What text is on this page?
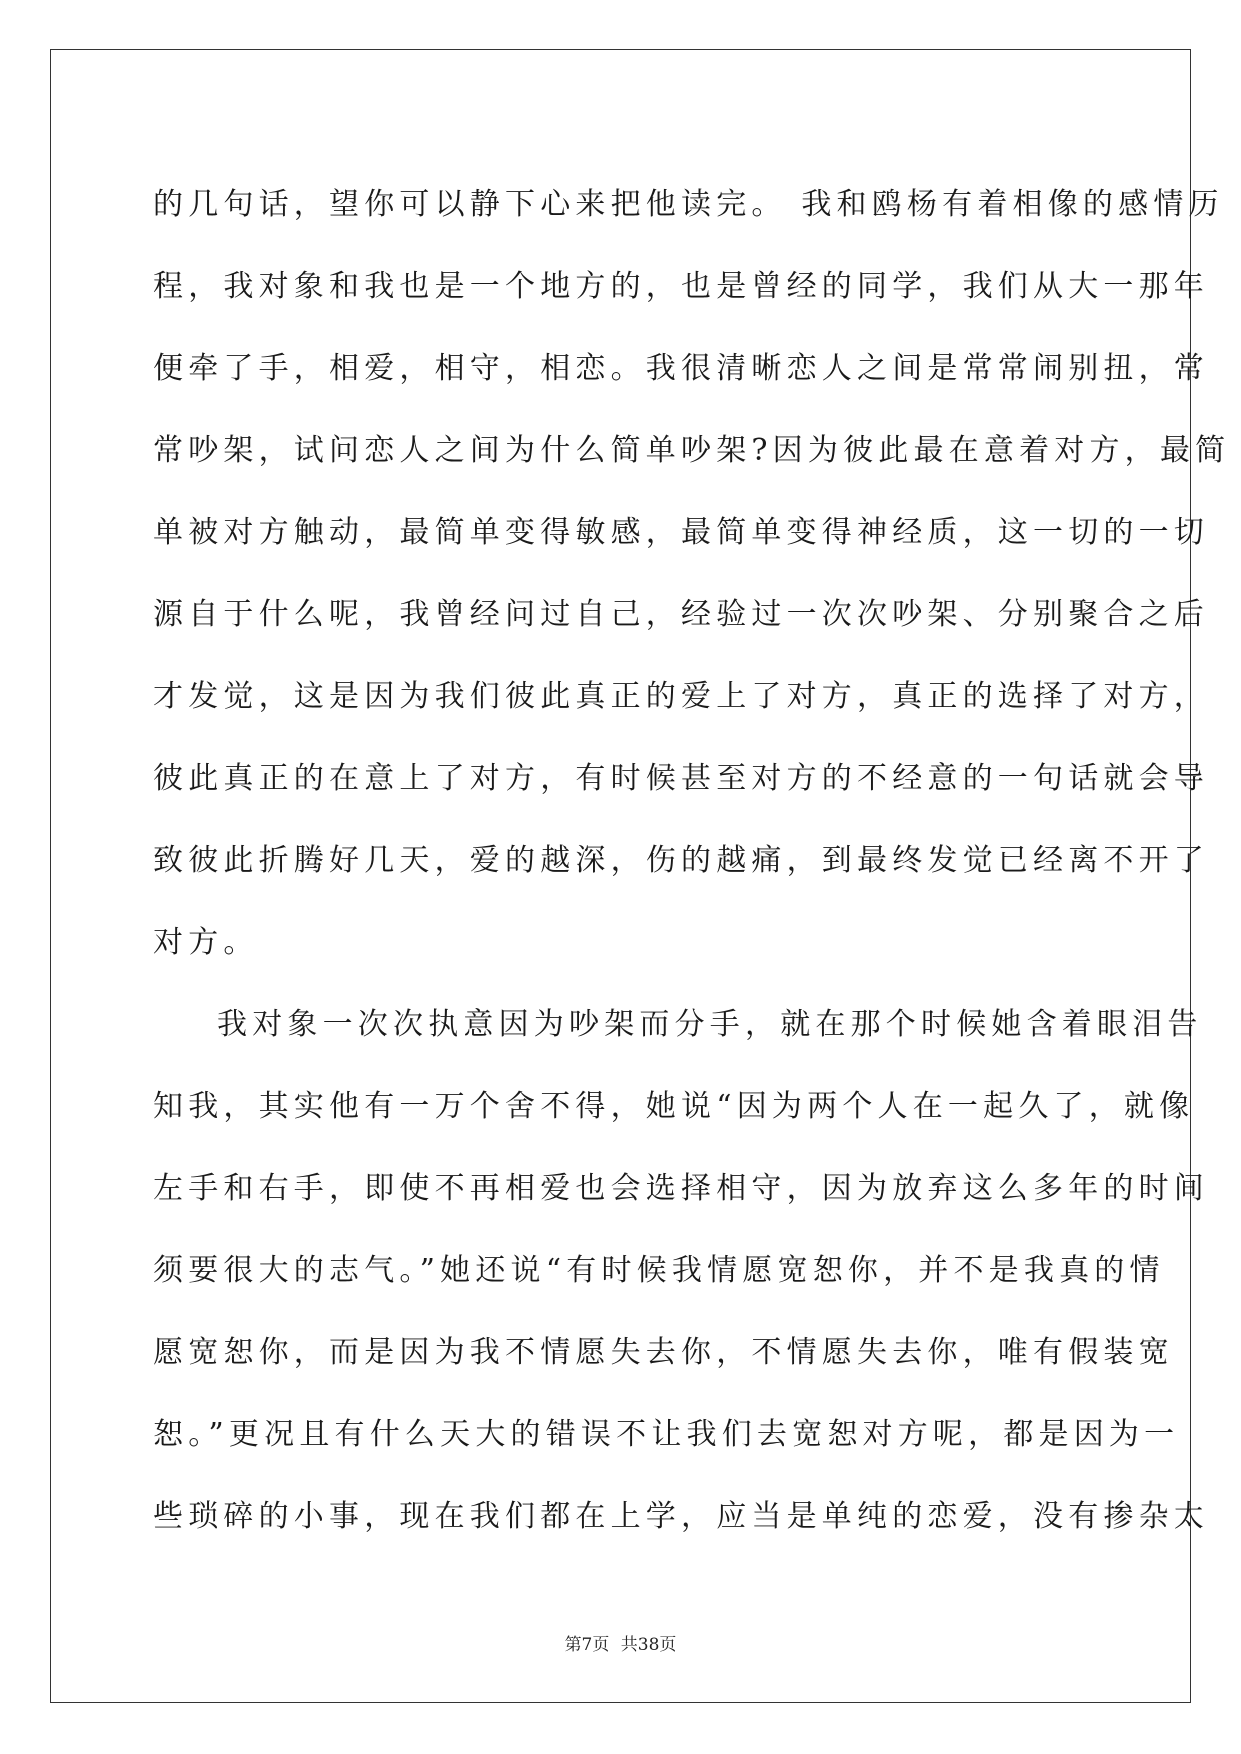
的几句话，望你可以静下心来把他读完。 我和鸥杨有着相像的感情历
程，我对象和我也是一个地方的，也是曾经的同学，我们从大一那年
便牵了手，相爱，相守，相恋。我很清晰恋人之间是常常闹别扭，常
常吵架，试问恋人之间为什么简单吵架?因为彼此最在意着对方，最简
单被对方触动，最简单变得敏感，最简单变得神经质，这一切的一切
源自于什么呢，我曾经问过自己，经验过一次次吵架、分别聚合之后
才发觉，这是因为我们彼此真正的爱上了对方，真正的选择了对方，
彼此真正的在意上了对方，有时候甚至对方的不经意的一句话就会导
致彼此折腾好几天，爱的越深，伤的越痛，到最终发觉已经离不开了
对方。
我对象一次次执意因为吵架而分手，就在那个时候她含着眼泪告
知我，其实他有一万个舍不得，她说“因为两个人在一起久了，就像
左手和右手，即使不再相爱也会选择相守，因为放弃这么多年的时间
须要很大的志气。”她还说“有时候我情愿宽恕你，并不是我真的情
愿宽恕你，而是因为我不情愿失去你，不情愿失去你，唯有假装宽
恕。”更况且有什么天大的错误不让我们去宽恕对方呢，都是因为一
些琐碎的小事，现在我们都在上学，应当是单纯的恋爱，没有掺杂太
第7页 共38页
